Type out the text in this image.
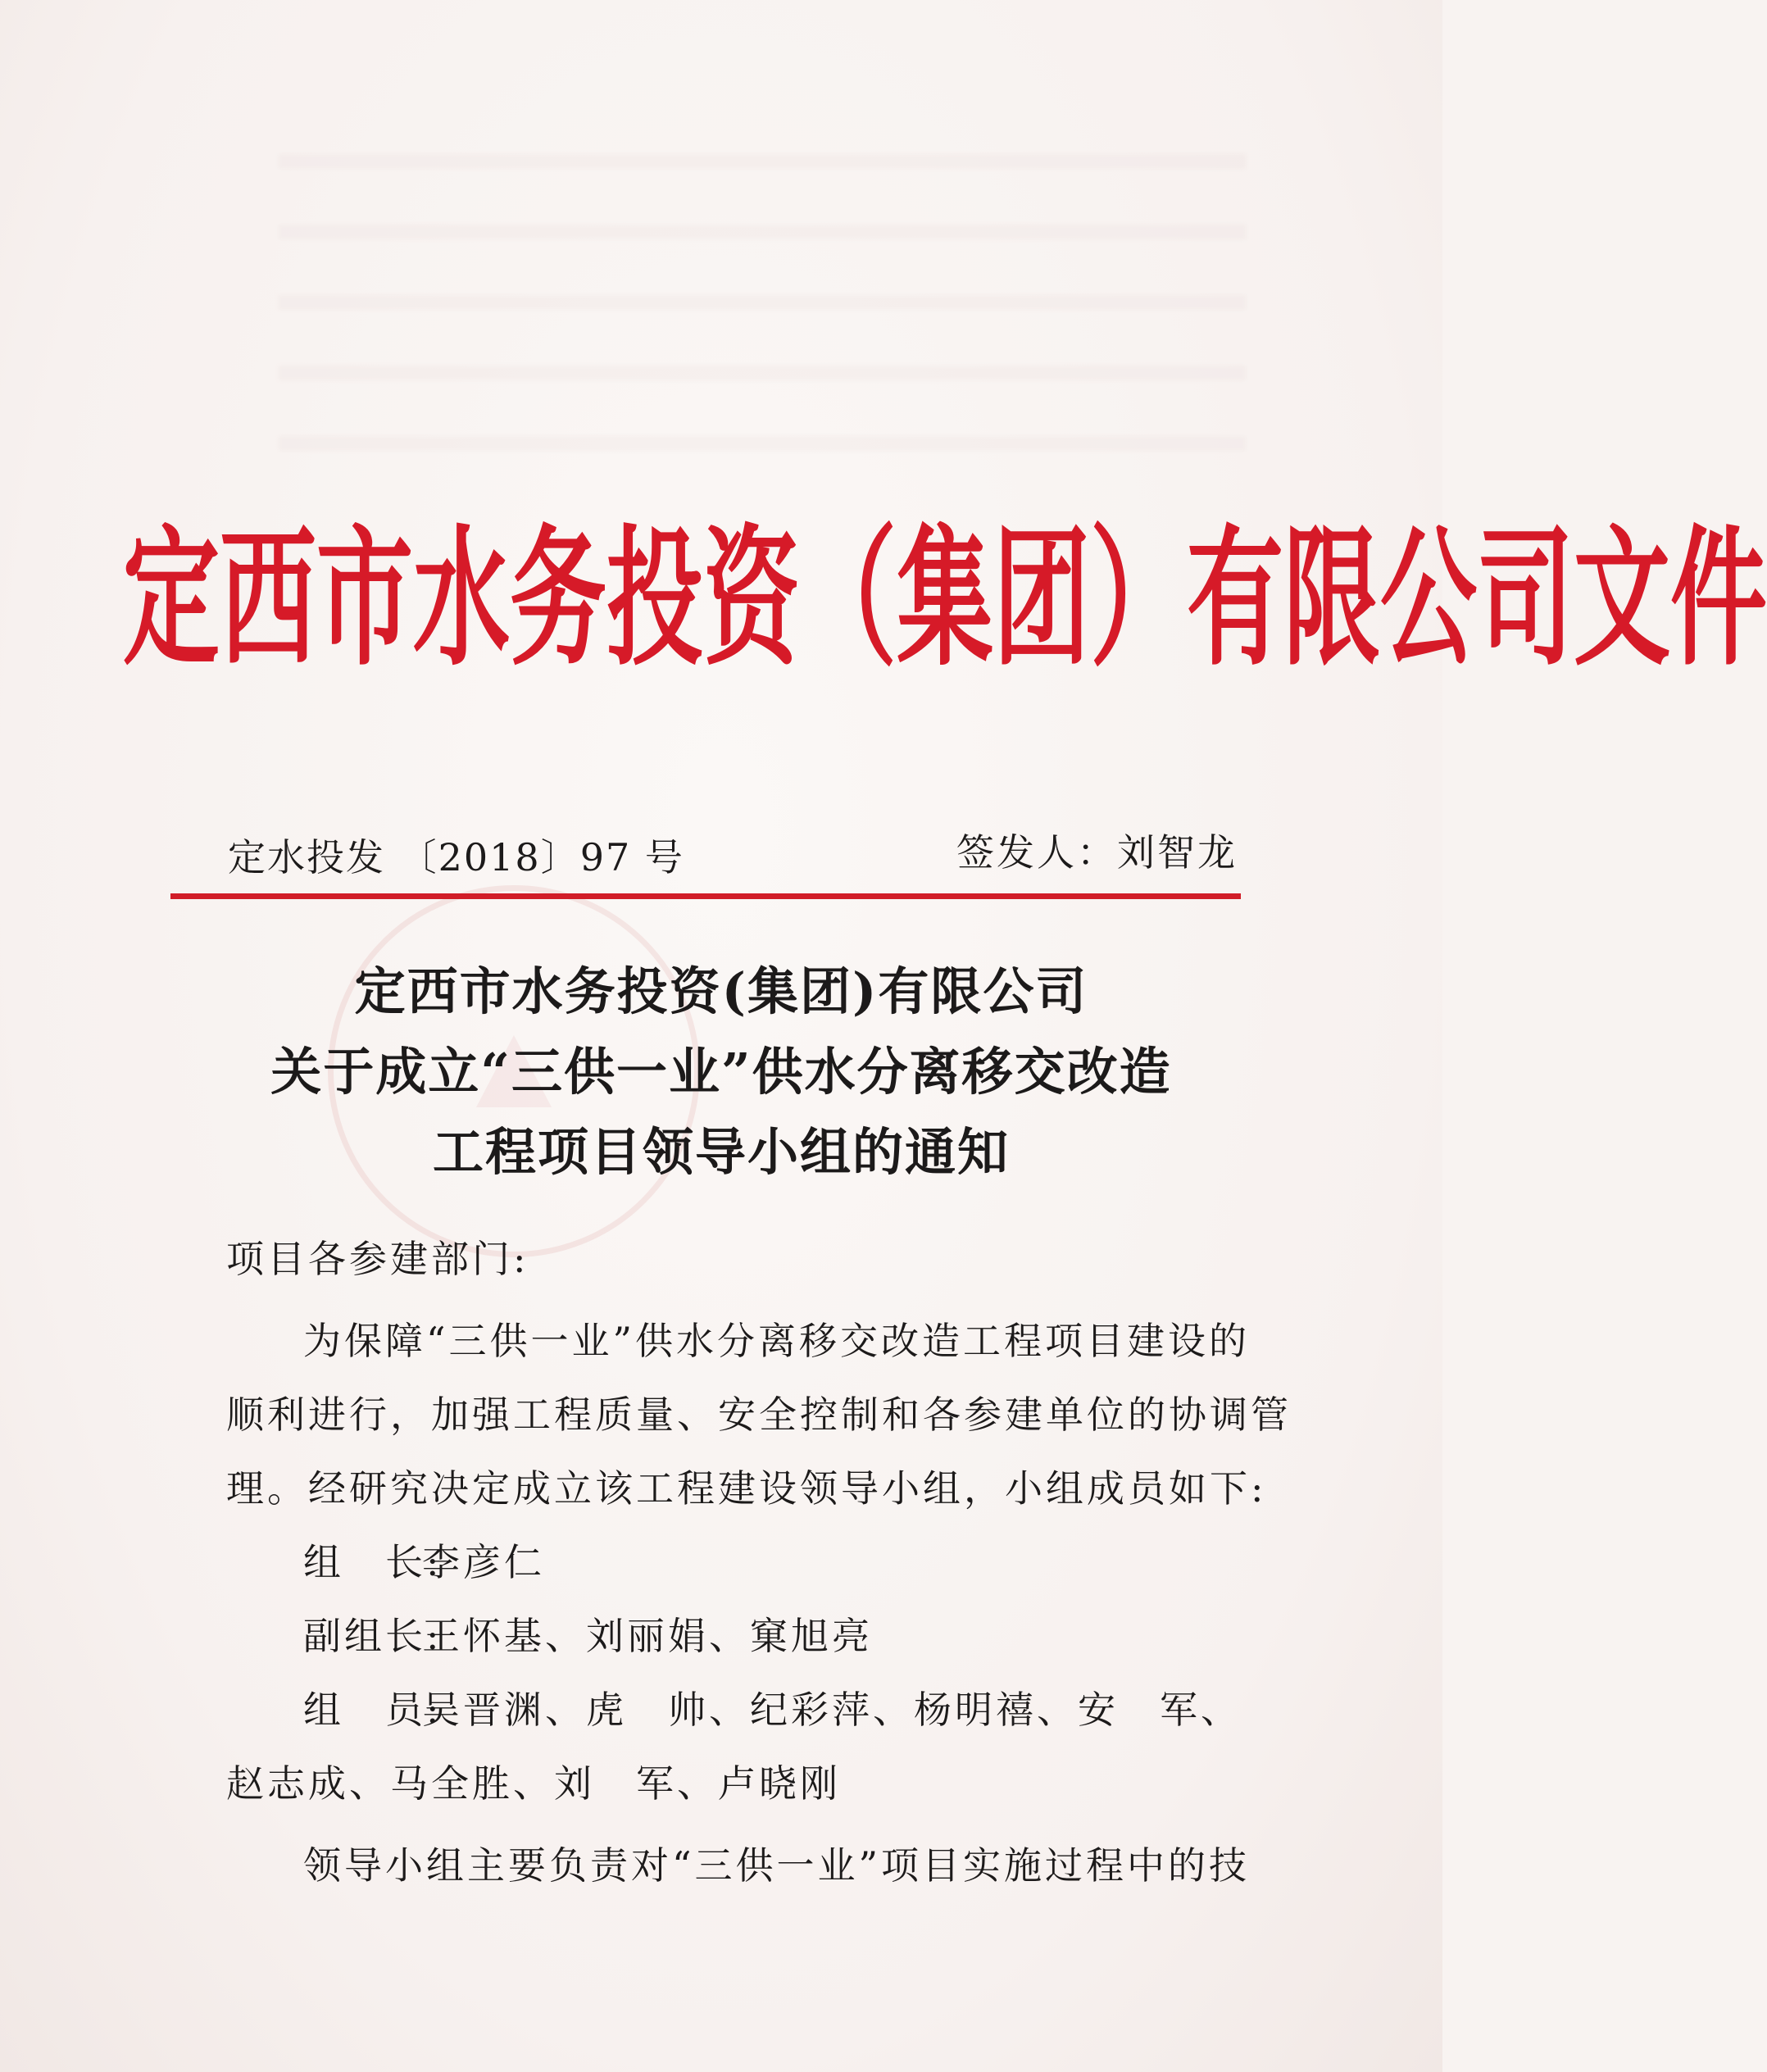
定西市水务投资（集团）有限公司文件
定水投发 〔2018〕97 号	签发人：刘智龙
定西市水务投资(集团)有限公司
关于成立“三供一业”供水分离移交改造
工程项目领导小组的通知
项目各参建部门:
为保障“三供一业”供水分离移交改造工程项目建设的
顺利进行，加强工程质量、安全控制和各参建单位的协调管
理。经研究决定成立该工程建设领导小组，小组成员如下:
组　长:李彦仁
副组长:王怀基、刘丽娟、窠旭亮
组　员:吴晋渊、虎　帅、纪彩萍、杨明禧、安　军、
赵志成、马全胜、刘　军、卢晓刚
领导小组主要负责对“三供一业”项目实施过程中的技
